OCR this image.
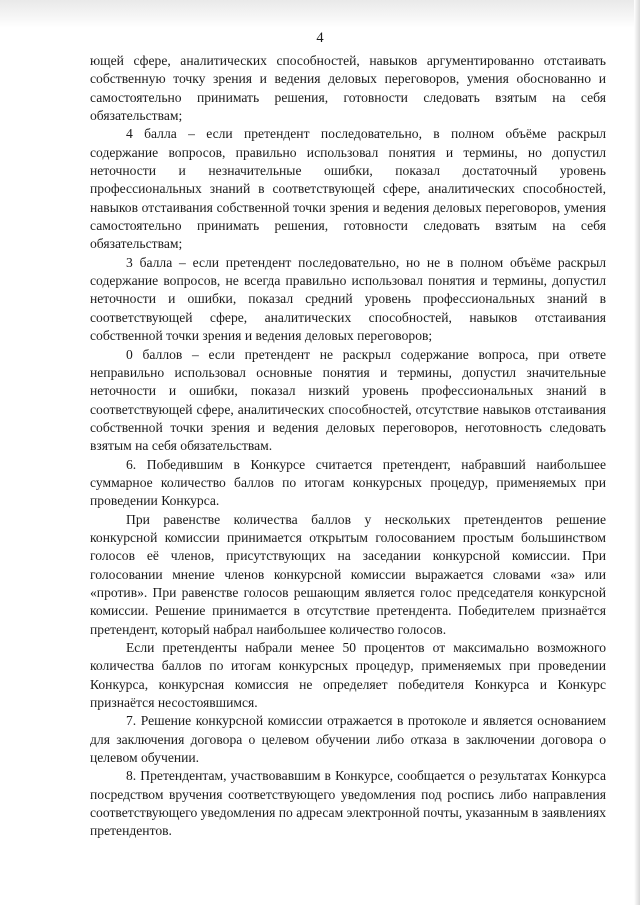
4

ющей сфере, аналитических способностей, навыков аргументированно отстаивать собственную точку зрения и ведения деловых переговоров, умения обоснованно и самостоятельно принимать решения, готовности следовать взятым на себя обязательствам;

4 балла – если претендент последовательно, в полном объёме раскрыл содержание вопросов, правильно использовал понятия и термины, но допустил неточности и незначительные ошибки, показал достаточный уровень профессиональных знаний в соответствующей сфере, аналитических способностей, навыков отстаивания собственной точки зрения и ведения деловых переговоров, умения самостоятельно принимать решения, готовности следовать взятым на себя обязательствам;

3 балла – если претендент последовательно, но не в полном объёме раскрыл содержание вопросов, не всегда правильно использовал понятия и термины, допустил неточности и ошибки, показал средний уровень профессиональных знаний в соответствующей сфере, аналитических способностей, навыков отстаивания собственной точки зрения и ведения деловых переговоров;

0 баллов – если претендент не раскрыл содержание вопроса, при ответе неправильно использовал основные понятия и термины, допустил значительные неточности и ошибки, показал низкий уровень профессиональных знаний в соответствующей сфере, аналитических способностей, отсутствие навыков отстаивания собственной точки зрения и ведения деловых переговоров, неготовность следовать взятым на себя обязательствам.

6. Победившим в Конкурсе считается претендент, набравший наибольшее суммарное количество баллов по итогам конкурсных процедур, применяемых при проведении Конкурса.

При равенстве количества баллов у нескольких претендентов решение конкурсной комиссии принимается открытым голосованием простым большинством голосов её членов, присутствующих на заседании конкурсной комиссии. При голосовании мнение членов конкурсной комиссии выражается словами «за» или «против». При равенстве голосов решающим является голос председателя конкурсной комиссии. Решение принимается в отсутствие претендента. Победителем признаётся претендент, который набрал наибольшее количество голосов.

Если претенденты набрали менее 50 процентов от максимально возможного количества баллов по итогам конкурсных процедур, применяемых при проведении Конкурса, конкурсная комиссия не определяет победителя Конкурса и Конкурс признаётся несостоявшимся.

7. Решение конкурсной комиссии отражается в протоколе и является основанием для заключения договора о целевом обучении либо отказа в заключении договора о целевом обучении.

8. Претендентам, участвовавшим в Конкурсе, сообщается о результатах Конкурса посредством вручения соответствующего уведомления под роспись либо направления соответствующего уведомления по адресам электронной почты, указанным в заявлениях претендентов.
